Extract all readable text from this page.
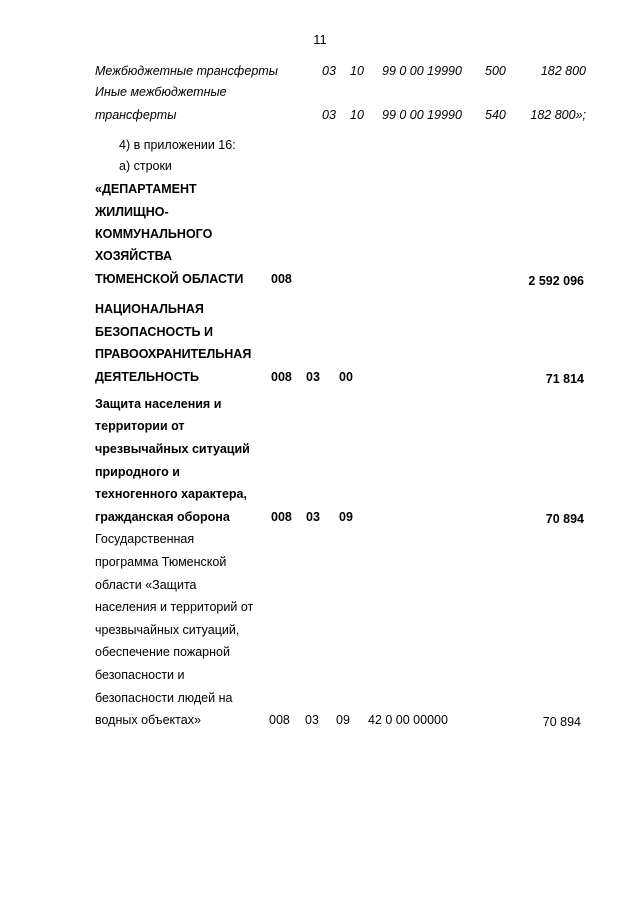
11
Межбюджетные трансферты	03 10 99 0 00 19990 500	182 800
Иные межбюджетные
трансферты	03 10 99 0 00 19990 540	182 800»;
4) в приложении 16:
а) строки
«ДЕПАРТАМЕНТ
ЖИЛИЩНО-
КОММУНАЛЬНОГО
ХОЗЯЙСТВА
ТЮМЕНСКОЙ ОБЛАСТИ 008	2 592 096
НАЦИОНАЛЬНАЯ
БЕЗОПАСНОСТЬ И
ПРАВООХРАНИТЕЛЬНАЯ
ДЕЯТЕЛЬНОСТЬ	008 03 00	71 814
Защита населения и
территории от
чрезвычайных ситуаций
природного и
техногенного характера,
гражданская оборона	008 03 09	70 894
Государственная
программа Тюменской
области «Защита
населения и территорий от
чрезвычайных ситуаций,
обеспечение пожарной
безопасности и
безопасности людей на
водных объектах»	008 03 09 42 0 00 00000	70 894
